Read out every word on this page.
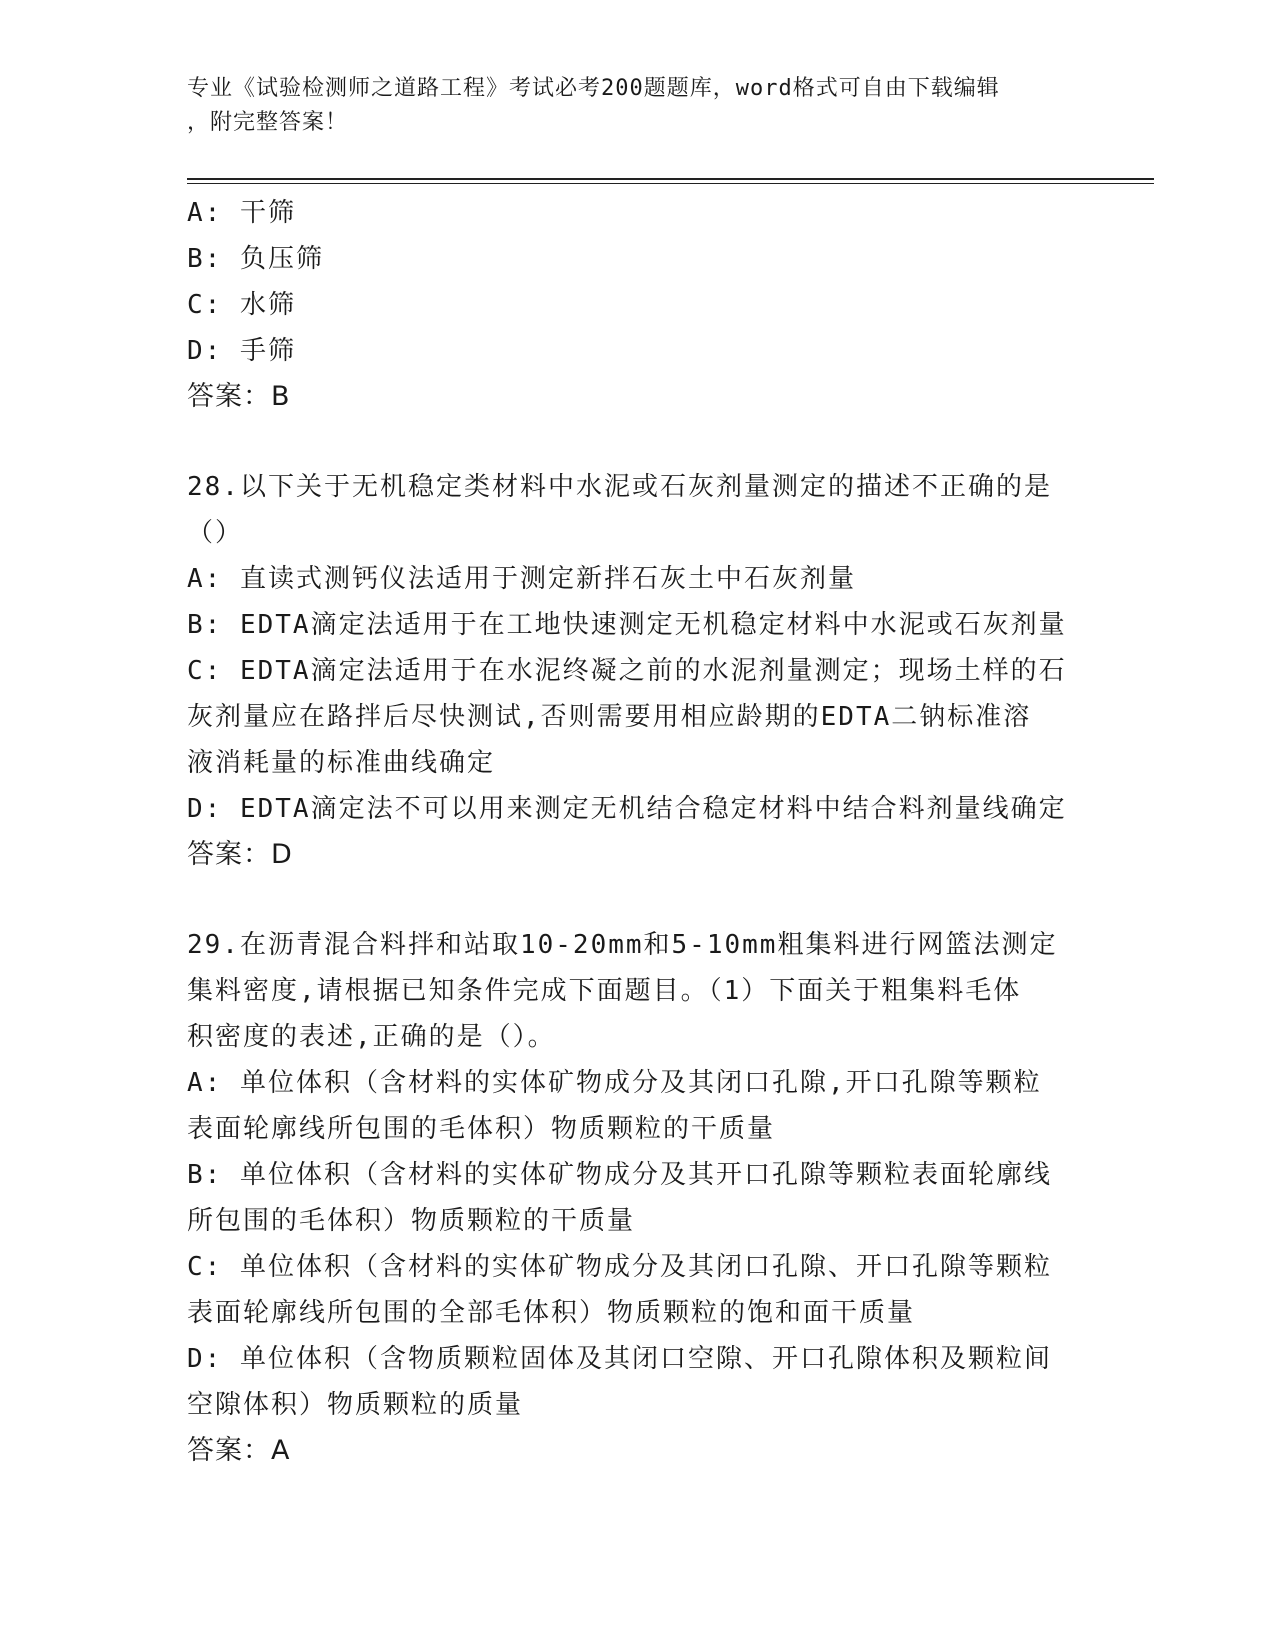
专业《试验检测师之道路工程》考试必考200题题库，word格式可自由下载编辑
，附完整答案！
A: 干筛
B: 负压筛
C: 水筛
D: 手筛
答案：B
28.以下关于无机稳定类材料中水泥或石灰剂量测定的描述不正确的是
（）
A: 直读式测钙仪法适用于测定新拌石灰土中石灰剂量
B: EDTA滴定法适用于在工地快速测定无机稳定材料中水泥或石灰剂量
C: EDTA滴定法适用于在水泥终凝之前的水泥剂量测定；现场土样的石
灰剂量应在路拌后尽快测试,否则需要用相应龄期的EDTA二钠标准溶
液消耗量的标准曲线确定
D: EDTA滴定法不可以用来测定无机结合稳定材料中结合料剂量线确定
答案：D
29.在沥青混合料拌和站取10-20mm和5-10mm粗集料进行网篮法测定
集料密度,请根据已知条件完成下面题目。（1）下面关于粗集料毛体
积密度的表述,正确的是（）。
A: 单位体积（含材料的实体矿物成分及其闭口孔隙,开口孔隙等颗粒
表面轮廓线所包围的毛体积）物质颗粒的干质量
B: 单位体积（含材料的实体矿物成分及其开口孔隙等颗粒表面轮廓线
所包围的毛体积）物质颗粒的干质量
C: 单位体积（含材料的实体矿物成分及其闭口孔隙、开口孔隙等颗粒
表面轮廓线所包围的全部毛体积）物质颗粒的饱和面干质量
D: 单位体积（含物质颗粒固体及其闭口空隙、开口孔隙体积及颗粒间
空隙体积）物质颗粒的质量
答案：A
